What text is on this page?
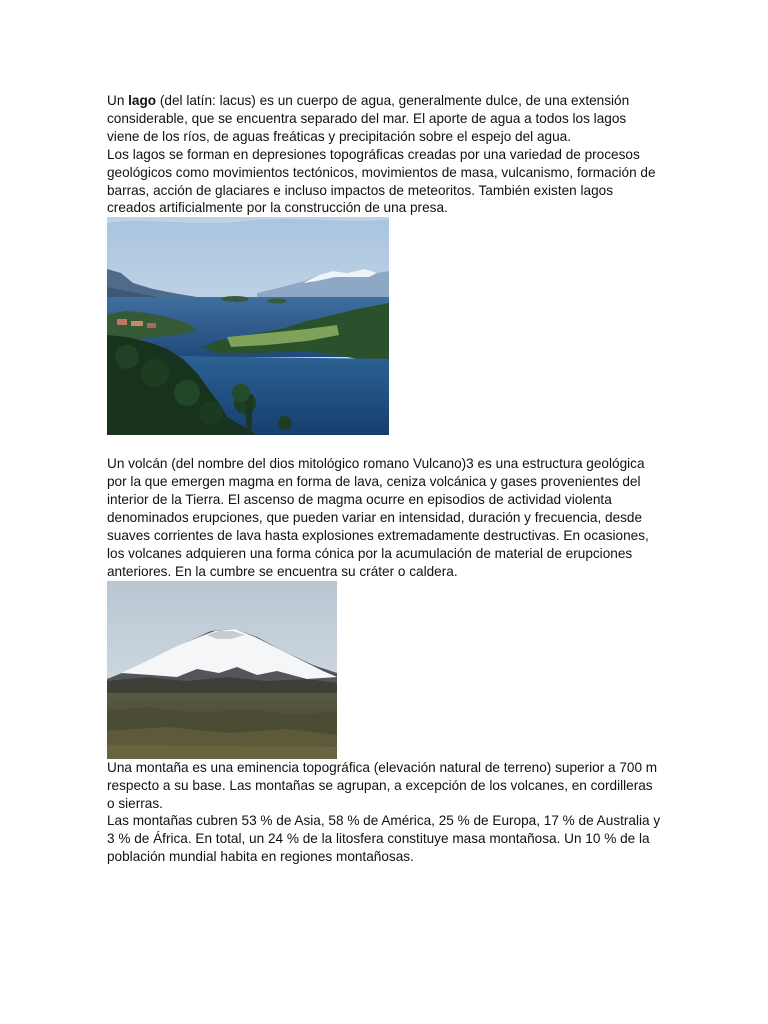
Un lago (del latín: lacus) es un cuerpo de agua, generalmente dulce, de una extensión considerable, que se encuentra separado del mar. El aporte de agua a todos los lagos viene de los ríos, de aguas freáticas y precipitación sobre el espejo del agua.

Los lagos se forman en depresiones topográficas creadas por una variedad de procesos geológicos como movimientos tectónicos, movimientos de masa, vulcanismo, formación de barras, acción de glaciares e incluso impactos de meteoritos. También existen lagos creados artificialmente por la construcción de una presa.

Un volcán (del nombre del dios mitológico romano Vulcano)3 es una estructura geológica por la que emergen magma en forma de lava, ceniza volcánica y gases provenientes del interior de la Tierra. El ascenso de magma ocurre en episodios de actividad violenta denominados erupciones, que pueden variar en intensidad, duración y frecuencia, desde suaves corrientes de lava hasta explosiones extremadamente destructivas. En ocasiones, los volcanes adquieren una forma cónica por la acumulación de material de erupciones anteriores. En la cumbre se encuentra su cráter o caldera.

Una montaña es una eminencia topográfica (elevación natural de terreno) superior a 700 m respecto a su base. Las montañas se agrupan, a excepción de los volcanes, en cordilleras o sierras.

Las montañas cubren 53 % de Asia, 58 % de América, 25 % de Europa, 17 % de Australia y 3 % de África. En total, un 24 % de la litosfera constituye masa montañosa. Un 10 % de la población mundial habita en regiones montañosas.
